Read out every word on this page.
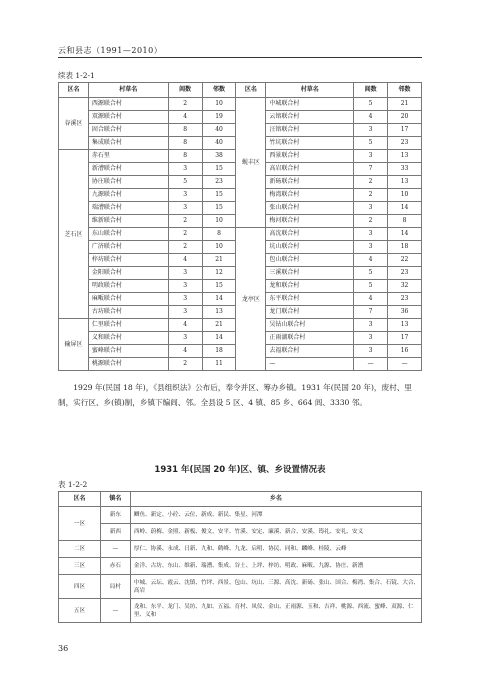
云和县志（1991—2010）
续表 1-2-1
区名	村草名	闾数	邻数	区名	村草名	闾数	邻数
谷溪区	西源联合村	2	10	蚬丰区	中城联合村	5	21
	双源联合村	4	19		云镕联合村	4	20
	固合联合村	8	40		汪镕联合村	3	17
	集成联合村	8	40		竹坑联合村	5	23
芝石区	赤石里	8	38		西景联合村	3	13
	新漕联合村	3	15		高岩联合村	7	33
	协庄联合村	5	23		新砀联合村	2	13
	九源联合村	3	15		梅湾联合村	2	10
	瑞漕联合村	3	15		张山联合村	3	14
	维新联合村	2	10		梅河联合村	2	8
	东山联合村	2	8	龙亭区	高沈联合村	3	14
	广济联合村	2	10		坑山联合村	3	18
	梓坊联合村	4	21		包山联合村	4	22
	金阳联合村	3	12		三溪联合村	5	23
	明政联合村	3	15		龙和联合村	5	32
	麻畈联合村	3	14		东平联合村	4	23
	古坊联合村	3	13		龙门联合村	7	36
输屏区	仁里联合村	4	21		吴钻山联合村	3	13
	义和联合村	3	14		正雨湖联合村	3	17
	蜜峰联合村	4	18		去福联合村	3	16
	桃源联合村	2	11		—	—	—
1929 年(民国 18 年)，《县组织法》公布后，奉令并区、筹办乡镇。1931 年(民国 20 年)，废村、里制，实行区、乡(镇)制，乡镇下编闾、邻。全县设 5 区、4 镇、85 乡、664 闾、3330 邻。
1931 年(民国 20 年)区、镇、乡设置情况表
表 1-2-2
区名	镇名	乡名
一区	新东	鲫鱼、新定、小砼、云位、新成、新民、集星、河潭
	新西	西岭、蔚梅、金照、新板、俊文、安平、竹溪、安定、廉溪、新合、安溪、筠礼、安礼、安义
二区	—	厚仁、协溪、永成、日新、九和、鹤峰、九龙、启明、协民、同和、麟峰、桂陵、云峰
三区	赤石	金洋、古坊、东山、维新、瑞漕、集成、谷土、上坪、梓坊、明政、麻畈、九源、协庄、新漕
四区	局村	中城、云坛、霞云、沈镇、竹坪、西景、包山、坑山、三源、高沈、新砀、张山、国合、梅湾、集合、石镜、大合、高岩
五区	—	龙和、东平、龙门、吴坊、九如、五福、育村、凤仪、金山、正雨源、玉和、吉祥、桃源、西流、蜜峰、双源、仁里、义和
36
